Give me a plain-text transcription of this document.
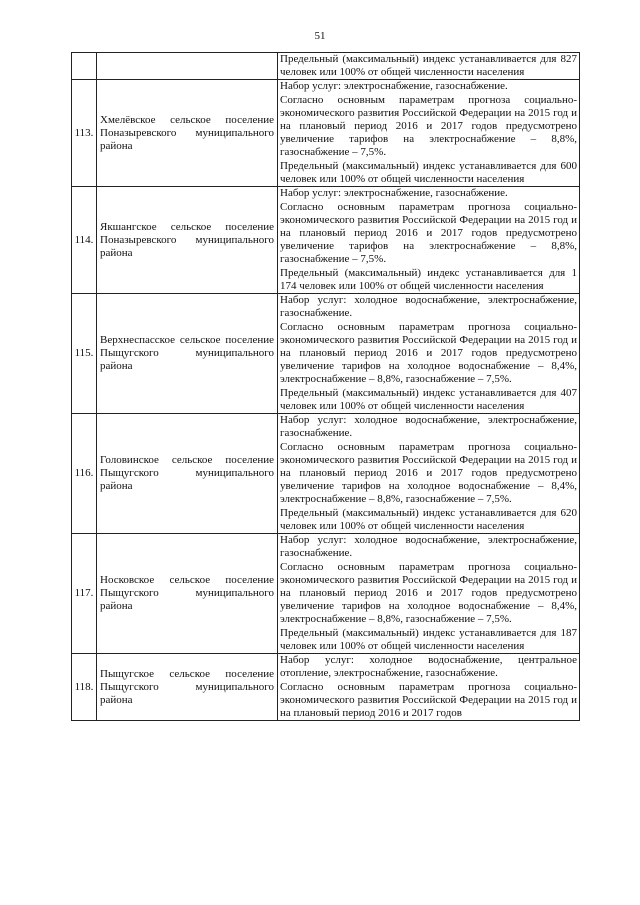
51

		Предельный (максимальный) индекс устанавливается для 827 человек или 100% от общей численности населения

113.	Хмелёвское сельское поселение Поназыревского муниципального района	Набор услуг: электроснабжение, газоснабжение.
Согласно основным параметрам прогноза социально-экономического развития Российской Федерации на 2015 год и на плановый период 2016 и 2017 годов предусмотрено увеличение тарифов на электроснабжение – 8,8%, газоснабжение – 7,5%.
Предельный (максимальный) индекс устанавливается для 600 человек или 100% от общей численности населения

114.	Якшангское сельское поселение Поназыревского муниципального района	Набор услуг: электроснабжение, газоснабжение.
Согласно основным параметрам прогноза социально-экономического развития Российской Федерации на 2015 год и на плановый период 2016 и 2017 годов предусмотрено увеличение тарифов на электроснабжение – 8,8%, газоснабжение – 7,5%.
Предельный (максимальный) индекс устанавливается для 1 174 человек или 100% от общей численности населения

115.	Верхнеспасское сельское поселение Пыщугского муниципального района	Набор услуг: холодное водоснабжение, электроснабжение, газоснабжение.
Согласно основным параметрам прогноза социально-экономического развития Российской Федерации на 2015 год и на плановый период 2016 и 2017 годов предусмотрено увеличение тарифов на холодное водоснабжение – 8,4%, электроснабжение – 8,8%, газоснабжение – 7,5%.
Предельный (максимальный) индекс устанавливается для 407 человек или 100% от общей численности населения

116.	Головинское сельское поселение Пыщугского муниципального района	Набор услуг: холодное водоснабжение, электроснабжение, газоснабжение.
Согласно основным параметрам прогноза социально-экономического развития Российской Федерации на 2015 год и на плановый период 2016 и 2017 годов предусмотрено увеличение тарифов на холодное водоснабжение – 8,4%, электроснабжение – 8,8%, газоснабжение – 7,5%.
Предельный (максимальный) индекс устанавливается для 620 человек или 100% от общей численности населения

117.	Носковское сельское поселение Пыщугского муниципального района	Набор услуг: холодное водоснабжение, электроснабжение, газоснабжение.
Согласно основным параметрам прогноза социально-экономического развития Российской Федерации на 2015 год и на плановый период 2016 и 2017 годов предусмотрено увеличение тарифов на холодное водоснабжение – 8,4%, электроснабжение – 8,8%, газоснабжение – 7,5%.
Предельный (максимальный) индекс устанавливается для 187 человек или 100% от общей численности населения

118.	Пыщугское сельское поселение Пыщугского муниципального района	Набор услуг: холодное водоснабжение, центральное отопление, электроснабжение, газоснабжение.
Согласно основным параметрам прогноза социально-экономического развития Российской Федерации на 2015 год и на плановый период 2016 и 2017 годов
